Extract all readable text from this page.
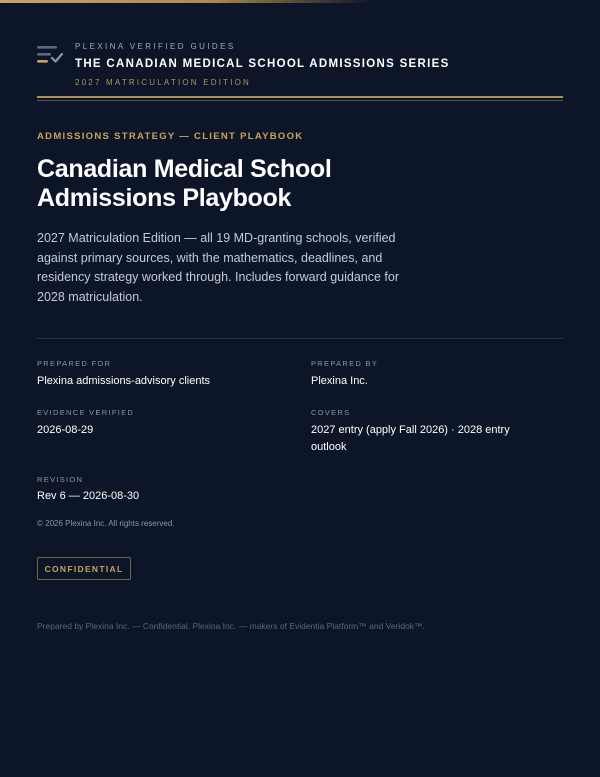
PLEXINA VERIFIED GUIDES
THE CANADIAN MEDICAL SCHOOL ADMISSIONS SERIES
2027 MATRICULATION EDITION
ADMISSIONS STRATEGY — CLIENT PLAYBOOK
Canadian Medical School Admissions Playbook

2027 Matriculation Edition — all 19 MD-granting schools, verified against primary sources, with the mathematics, deadlines, and residency strategy worked through. Includes forward guidance for 2028 matriculation.

PREPARED FOR
Plexina admissions-advisory clients
PREPARED BY
Plexina Inc.
EVIDENCE VERIFIED
2026-08-29
COVERS
2027 entry (apply Fall 2026) · 2028 entry outlook
REVISION
Rev 6 — 2026-08-30
© 2026 Plexina Inc. All rights reserved.
CONFIDENTIAL
Prepared by Plexina Inc. — Confidential. Plexina Inc. — makers of Evidentia Platform™ and Veridok™.
